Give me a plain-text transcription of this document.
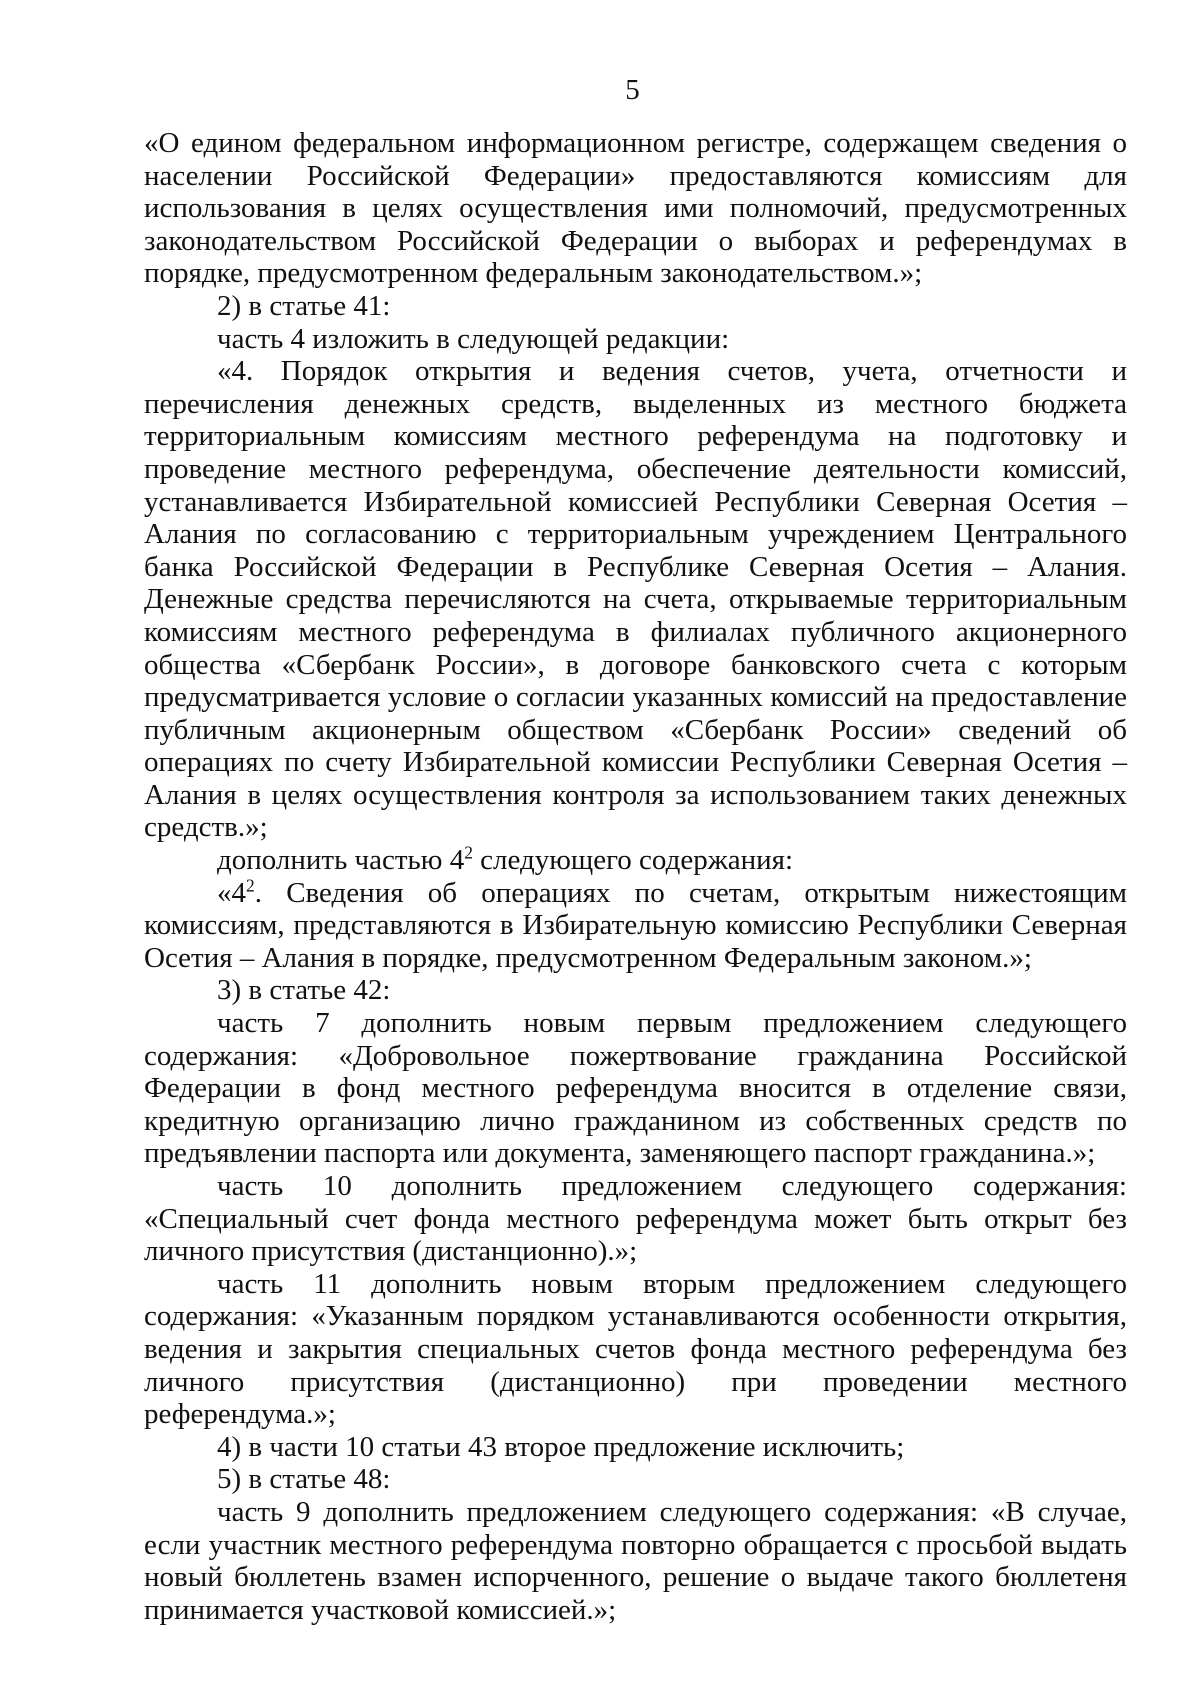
5

«О едином федеральном информационном регистре, содержащем сведения о населении Российской Федерации» предоставляются комиссиям для использования в целях осуществления ими полномочий, предусмотренных законодательством Российской Федерации о выборах и референдумах в порядке, предусмотренном федеральным законодательством.»;

2) в статье 41:

часть 4 изложить в следующей редакции:

«4. Порядок открытия и ведения счетов, учета, отчетности и перечисления денежных средств, выделенных из местного бюджета территориальным комиссиям местного референдума на подготовку и проведение местного референдума, обеспечение деятельности комиссий, устанавливается Избирательной комиссией Республики Северная Осетия – Алания по согласованию с территориальным учреждением Центрального банка Российской Федерации в Республике Северная Осетия – Алания. Денежные средства перечисляются на счета, открываемые территориальным комиссиям местного референдума в филиалах публичного акционерного общества «Сбербанк России», в договоре банковского счета с которым предусматривается условие о согласии указанных комиссий на предоставление публичным акционерным обществом «Сбербанк России» сведений об операциях по счету Избирательной комиссии Республики Северная Осетия – Алания в целях осуществления контроля за использованием таких денежных средств.»;

дополнить частью $4^2$ следующего содержания:

«$4^2$. Сведения об операциях по счетам, открытым нижестоящим комиссиям, представляются в Избирательную комиссию Республики Северная Осетия – Алания в порядке, предусмотренном Федеральным законом.»;

3) в статье 42:

часть 7 дополнить новым первым предложением следующего содержания: «Добровольное пожертвование гражданина Российской Федерации в фонд местного референдума вносится в отделение связи, кредитную организацию лично гражданином из собственных средств по предъявлении паспорта или документа, заменяющего паспорт гражданина.»;

часть 10 дополнить предложением следующего содержания: «Специальный счет фонда местного референдума может быть открыт без личного присутствия (дистанционно).»;

часть 11 дополнить новым вторым предложением следующего содержания: «Указанным порядком устанавливаются особенности открытия, ведения и закрытия специальных счетов фонда местного референдума без личного присутствия (дистанционно) при проведении местного референдума.»;

4) в части 10 статьи 43 второе предложение исключить;

5) в статье 48:

часть 9 дополнить предложением следующего содержания: «В случае, если участник местного референдума повторно обращается с просьбой выдать новый бюллетень взамен испорченного, решение о выдаче такого бюллетеня принимается участковой комиссией.»;
